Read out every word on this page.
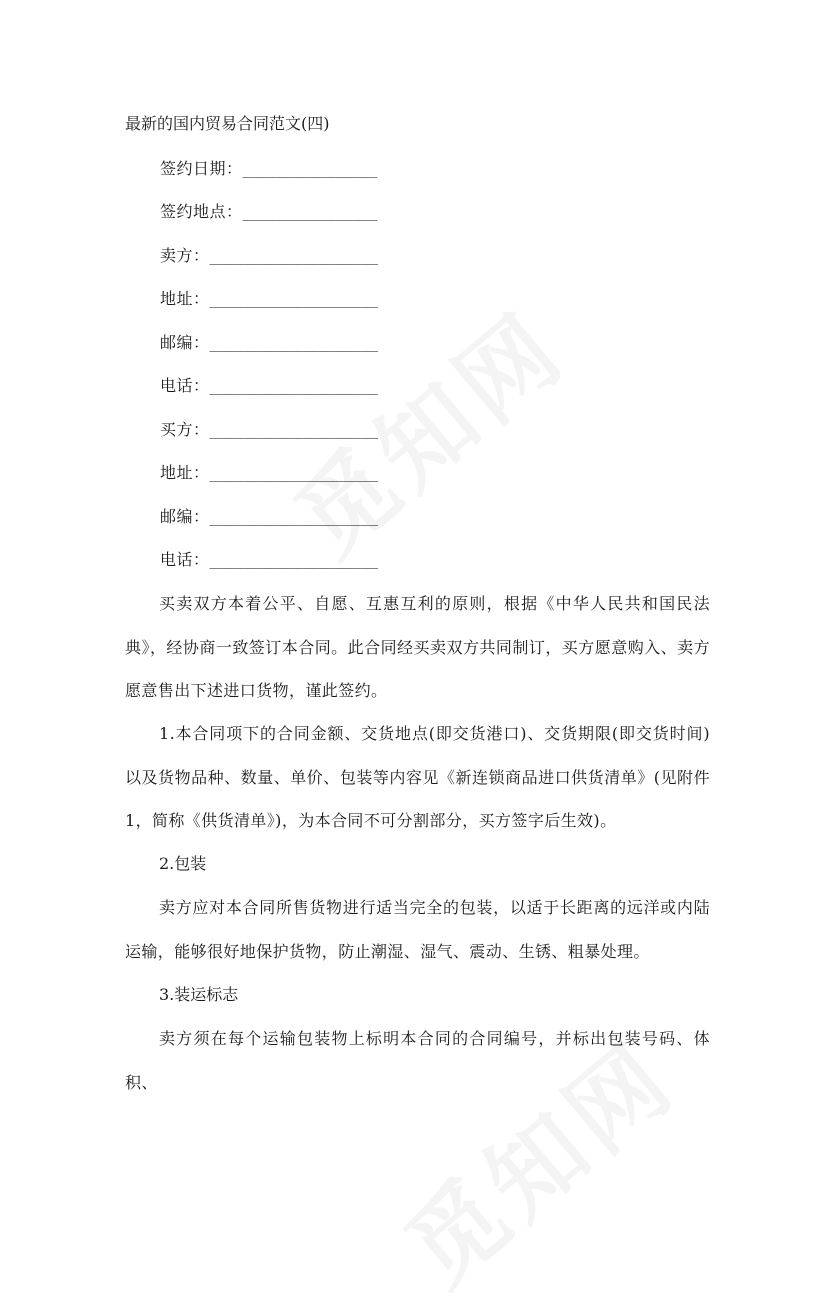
最新的国内贸易合同范文(四)
签约日期：________________
签约地点：________________
卖方：____________________
地址：____________________
邮编：____________________
电话：____________________
买方：____________________
地址：____________________
邮编：____________________
电话：____________________
买卖双方本着公平、自愿、互惠互利的原则，根据《中华人民共和国民法典》，经协商一致签订本合同。此合同经买卖双方共同制订，买方愿意购入、卖方愿意售出下述进口货物，谨此签约。
1.本合同项下的合同金额、交货地点(即交货港口)、交货期限(即交货时间)以及货物品种、数量、单价、包装等内容见《新连锁商品进口供货清单》(见附件 1，简称《供货清单》)，为本合同不可分割部分，买方签字后生效)。
2.包装
卖方应对本合同所售货物进行适当完全的包装，以适于长距离的远洋或内陆运输，能够很好地保护货物，防止潮湿、湿气、震动、生锈、粗暴处理。
3.装运标志
卖方须在每个运输包装物上标明本合同的合同编号，并标出包装号码、体积、
